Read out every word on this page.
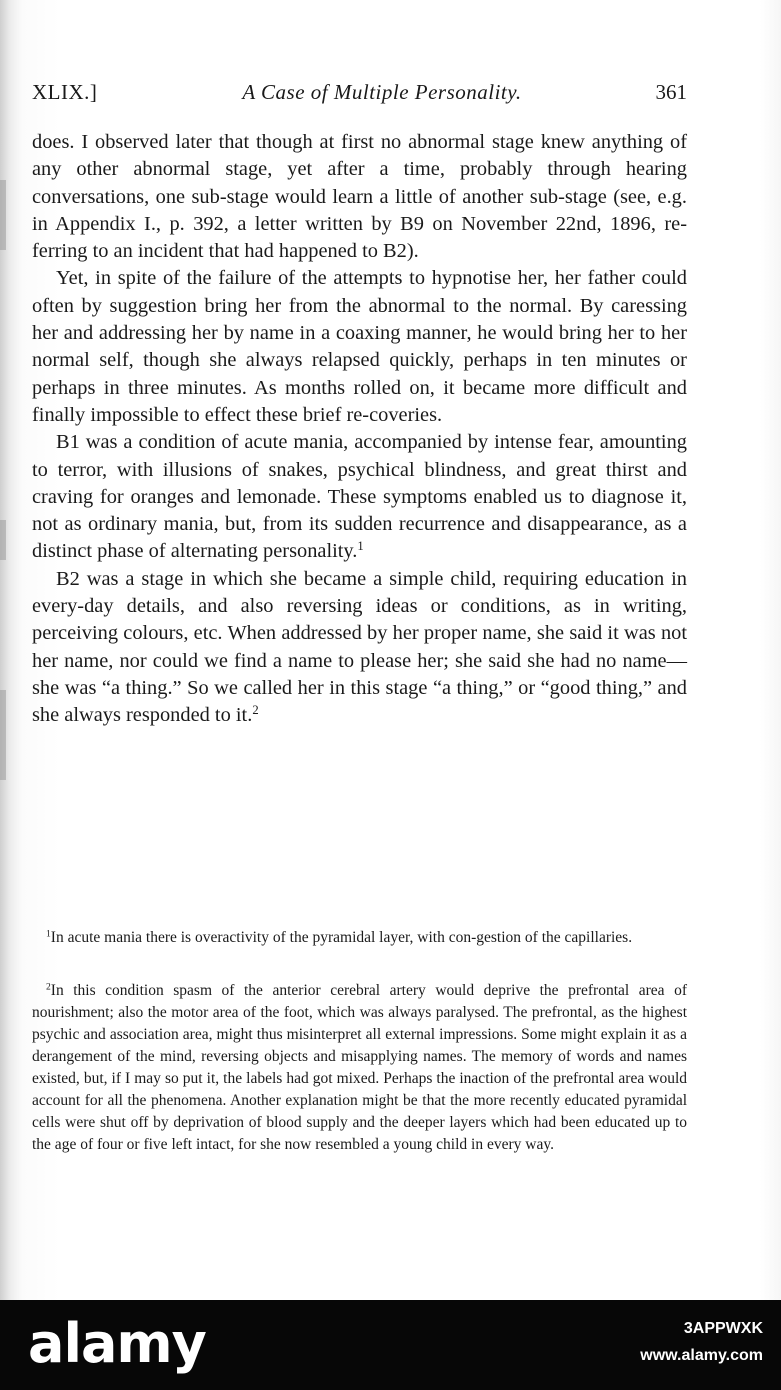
XLIX.]	A Case of Multiple Personality.	361

does. I observed later that though at first no abnormal stage knew anything of any other abnormal stage, yet after a time, probably through hearing conversations, one sub-stage would learn a little of another sub-stage (see, e.g. in Appendix I., p. 392, a letter written by B9 on November 22nd, 1896, re-ferring to an incident that had happened to B2).

Yet, in spite of the failure of the attempts to hypnotise her, her father could often by suggestion bring her from the abnormal to the normal. By caressing her and addressing her by name in a coaxing manner, he would bring her to her normal self, though she always relapsed quickly, perhaps in ten minutes or perhaps in three minutes. As months rolled on, it became more difficult and finally impossible to effect these brief re-coveries.

B1 was a condition of acute mania, accompanied by intense fear, amounting to terror, with illusions of snakes, psychical blindness, and great thirst and craving for oranges and lemonade. These symptoms enabled us to diagnose it, not as ordinary mania, but, from its sudden recurrence and disappearance, as a distinct phase of alternating personality.$^1$

B2 was a stage in which she became a simple child, requiring education in every-day details, and also reversing ideas or conditions, as in writing, perceiving colours, etc. When addressed by her proper name, she said it was not her name, nor could we find a name to please her; she said she had no name—she was “a thing.” So we called her in this stage “a thing,” or “good thing,” and she always responded to it.$^2$

$^1$In acute mania there is overactivity of the pyramidal layer, with con-gestion of the capillaries.

$^2$In this condition spasm of the anterior cerebral artery would deprive the prefrontal area of nourishment; also the motor area of the foot, which was always paralysed. The prefrontal, as the highest psychic and association area, might thus misinterpret all external impressions. Some might explain it as a derangement of the mind, reversing objects and misapplying names. The memory of words and names existed, but, if I may so put it, the labels had got mixed. Perhaps the inaction of the prefrontal area would account for all the phenomena. Another explanation might be that the more recently educated pyramidal cells were shut off by deprivation of blood supply and the deeper layers which had been educated up to the age of four or five left intact, for she now resembled a young child in every way.

alamy	3APPWXK
www.alamy.com
